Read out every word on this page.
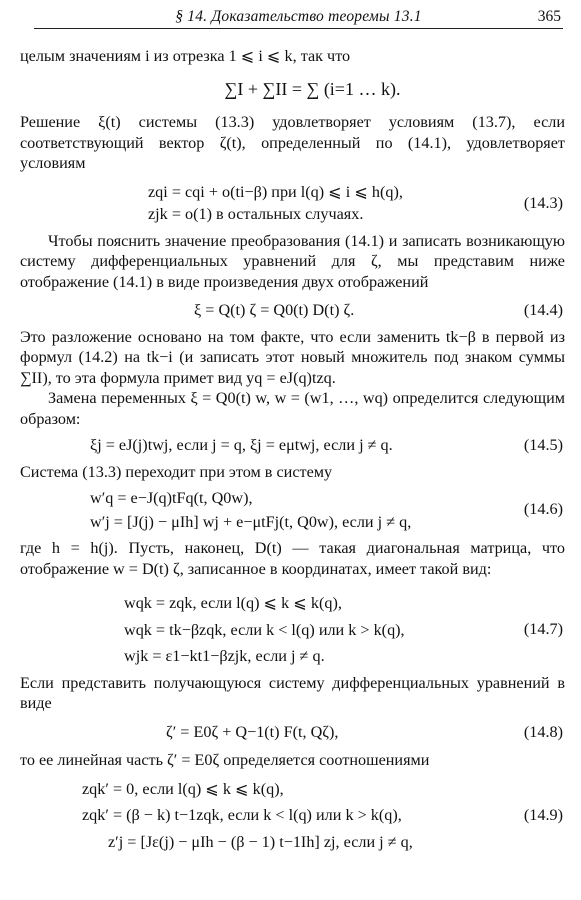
§ 14. Доказательство теоремы 13.1	365

целым значениям i из отрезка 1 ⩽ i ⩽ k, так что

∑I + ∑II = ∑ (i=1 … k).

Решение ξ(t) системы (13.3) удовлетворяет условиям (13.7), если соответствующий вектор ζ(t), определенный по (14.1), удовлетворяет условиям

zqi = cqi + o(ti−β) при l(q) ⩽ i ⩽ h(q),
zjk = o(1) в остальных случаях.
(14.3)

Чтобы пояснить значение преобразования (14.1) и записать возникающую систему дифференциальных уравнений для ζ, мы представим ниже отображение (14.1) в виде произведения двух отображений

ξ = Q(t) ζ = Q0(t) D(t) ζ.	(14.4)

Это разложение основано на том факте, что если заменить tk−β в первой из формул (14.2) на tk−i (и записать этот новый множитель под знаком суммы ∑II), то эта формула примет вид yq = eJ(q)tzq.

Замена переменных ξ = Q0(t) w, w = (w1, …, wq) определится следующим образом:

ξj = eJ(j)twj, если j = q, ξj = eμtwj, если j ≠ q.	(14.5)

Система (13.3) переходит при этом в систему

w′q = e−J(q)tFq(t, Q0w),
w′j = [J(j) − μIh] wj + e−μtFj(t, Q0w), если j ≠ q,
(14.6)

где h = h(j). Пусть, наконец, D(t) — такая диагональная матрица, что отображение w = D(t) ζ, записанное в координатах, имеет такой вид:

wqk = zqk, если l(q) ⩽ k ⩽ k(q),
wqk = tk−βzqk, если k < l(q) или k > k(q),
wjk = ε1−kt1−βzjk, если j ≠ q.
(14.7)

Если представить получающуюся систему дифференциальных уравнений в виде

ζ′ = E0ζ + Q−1(t) F(t, Qζ),	(14.8)

то ее линейная часть ζ′ = E0ζ определяется соотношениями

zqk′ = 0, если l(q) ⩽ k ⩽ k(q),
zqk′ = (β − k) t−1zqk, если k < l(q) или k > k(q),
z′j = [Jε(j) − μIh − (β − 1) t−1Ih] zj, если j ≠ q,
(14.9)
